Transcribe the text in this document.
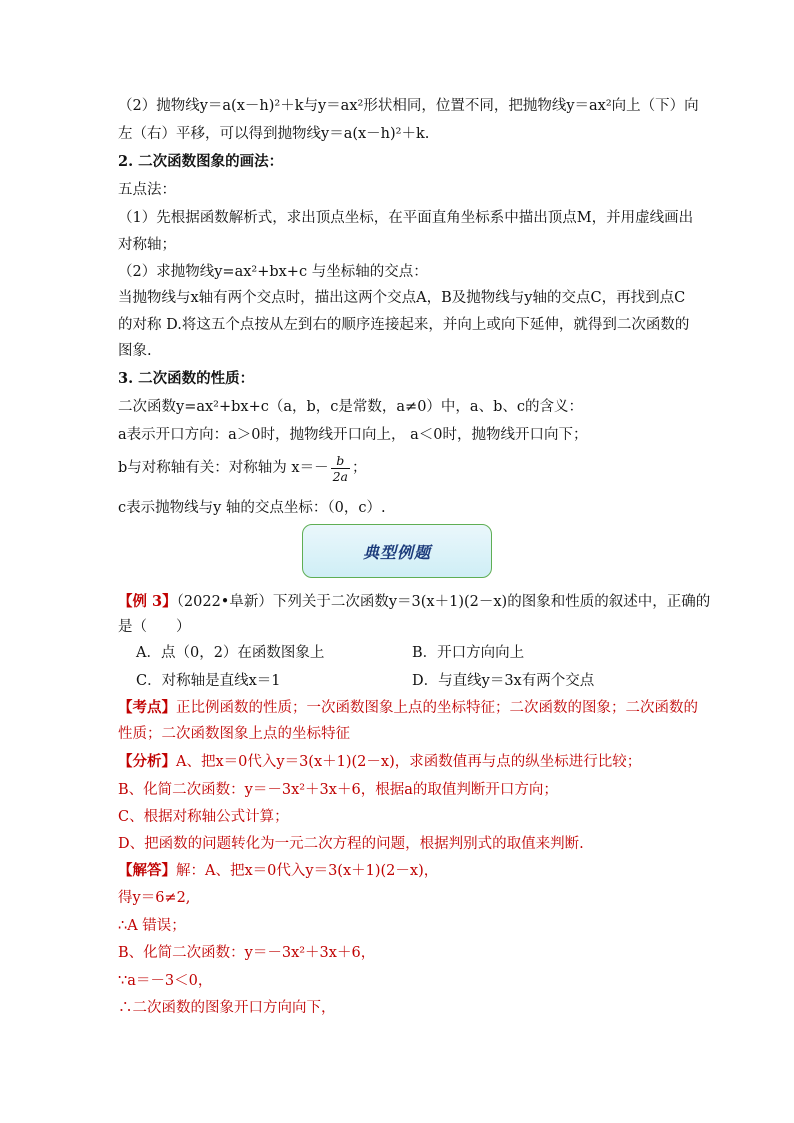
（2）抛物线y＝a(x－h)²＋k与y＝ax²形状相同，位置不同，把抛物线y＝ax²向上（下）向
左（右）平移，可以得到抛物线y＝a(x－h)²＋k.
2. 二次函数图象的画法：
五点法：
（1）先根据函数解析式，求出顶点坐标，在平面直角坐标系中描出顶点M，并用虚线画出
对称轴；
（2）求抛物线y=ax²+bx+c 与坐标轴的交点：
当抛物线与x轴有两个交点时，描出这两个交点A，B及抛物线与y轴的交点C，再找到点C
的对称 D.将这五个点按从左到右的顺序连接起来，并向上或向下延伸，就得到二次函数的
图象.
3. 二次函数的性质：
二次函数y=ax²+bx+c（a，b，c是常数，a≠0）中，a、b、c的含义：
a表示开口方向：a＞0时，抛物线开口向上， a＜0时，抛物线开口向下；
b与对称轴有关：对称轴为 $x=- \frac{b}{2a}$ ；
c表示抛物线与y 轴的交点坐标：（0，c）.
典型例题
【例 3】（2022•阜新）下列关于二次函数y＝3(x＋1)(2－x)的图象和性质的叙述中，正确的
是（　　）
A．点（0，2）在函数图象上	B．开口方向向上
C．对称轴是直线x＝1	D．与直线y＝3x有两个交点
【考点】正比例函数的性质；一次函数图象上点的坐标特征；二次函数的图象；二次函数的
性质；二次函数图象上点的坐标特征
【分析】A、把x＝0代入y＝3(x＋1)(2－x)，求函数值再与点的纵坐标进行比较；
B、化简二次函数：y＝－3x²＋3x＋6，根据a的取值判断开口方向；
C、根据对称轴公式计算；
D、把函数的问题转化为一元二次方程的问题，根据判别式的取值来判断.
【解答】解：A、把x＝0代入y＝3(x＋1)(2－x)，
得y＝6≠2,
∴A 错误；
B、化简二次函数：y＝－3x²＋3x＋6，
∵a＝－3＜0，
∴二次函数的图象开口方向向下，
